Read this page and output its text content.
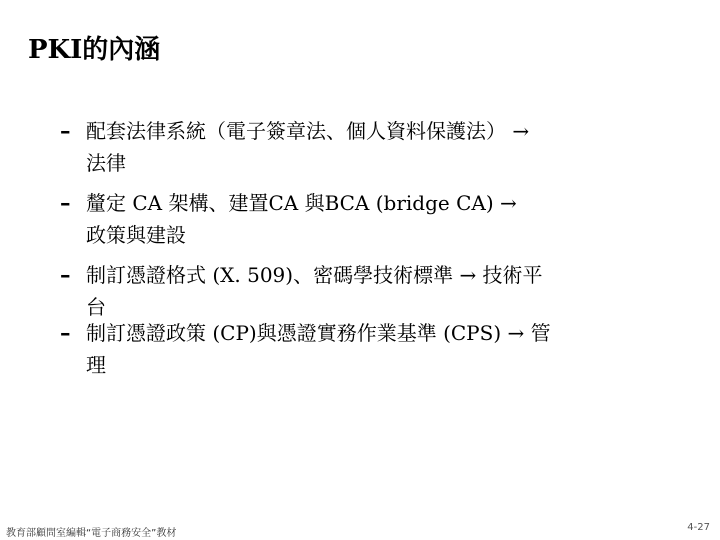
PKI的內涵
– 配套法律系統（電子簽章法、個人資料保護法） →
法律
– 釐定 CA 架構、建置CA 與BCA (bridge CA) →
政策與建設
– 制訂憑證格式 (X. 509)、密碼學技術標準 → 技術平
台
– 制訂憑證政策 (CP)與憑證實務作業基準 (CPS) → 管
理
教育部顧問室編輯“電子商務安全”教材
4-27
